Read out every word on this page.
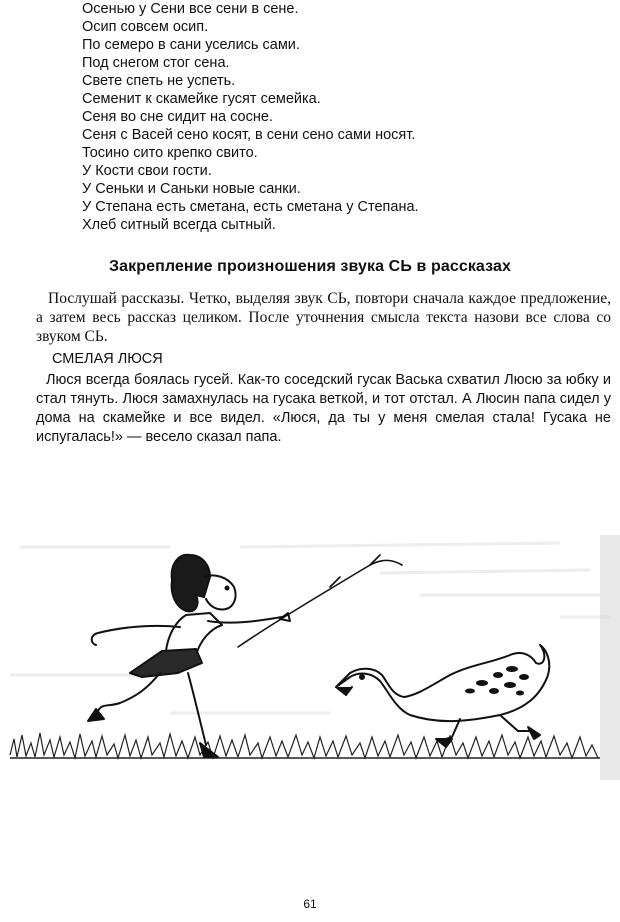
Осенью у Сени все сени в сене.
Осип совсем осип.
По семеро в сани уселись сами.
Под снегом стог сена.
Свете спеть не успеть.
Семенит к скамейке гусят семейка.
Сеня во сне сидит на сосне.
Сеня с Васей сено косят, в сени сено сами носят.
Тосино сито крепко свито.
У Кости свои гости.
У Сеньки и Саньки новые санки.
У Степана есть сметана, есть сметана у Степана.
Хлеб ситный всегда сытный.
Закрепление произношения звука СЬ в рассказах

Послушай рассказы. Четко, выделяя звук СЬ, повтори сначала каждое предложение, а затем весь рассказ целиком. После уточнения смысла текста назови все слова со звуком СЬ.

СМЕЛАЯ ЛЮСЯ

Люся всегда боялась гусей. Как-то соседский гусак Васька схватил Люсю за юбку и стал тянуть. Люся замахнулась на гусака веткой, и тот отстал. А Люсин папа сидел у дома на скамейке и все видел. «Люся, да ты у меня смелая стала! Гусака не испугалась!» — весело сказал папа.

61
